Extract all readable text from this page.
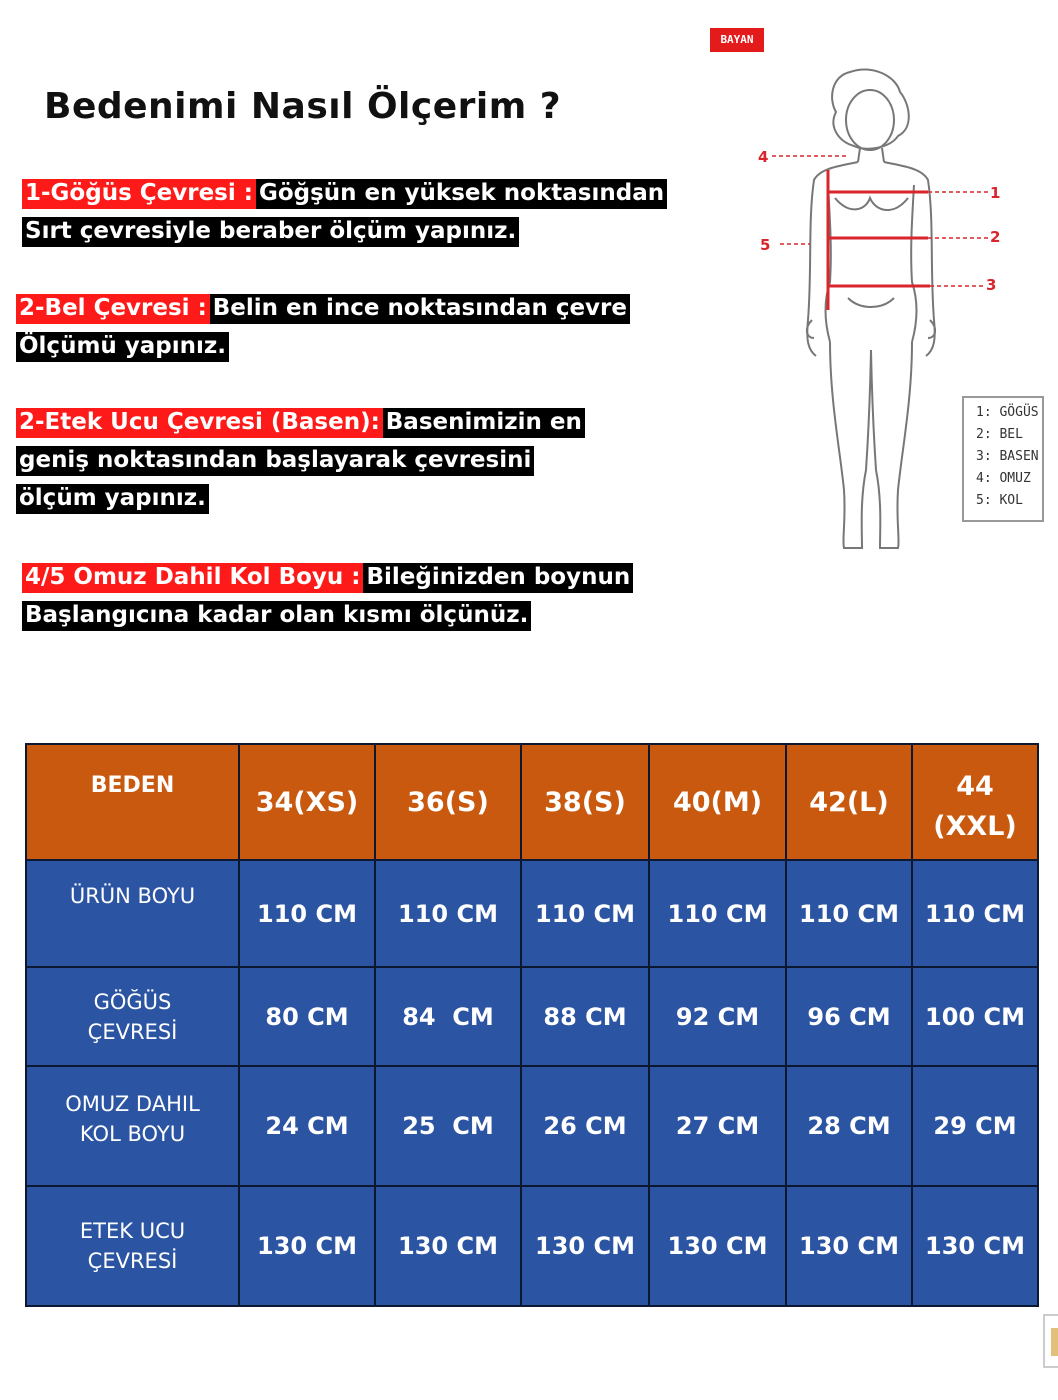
Bedenimi Nasıl Ölçerim ?
1-Göğüs Çevresi : Göğşün en yüksek noktasından
Sırt çevresiyle beraber ölçüm yapınız.
2-Bel Çevresi : Belin en ince noktasından çevre
Ölçümü yapınız.
2-Etek Ucu Çevresi (Basen): Basenimizin en
geniş noktasından başlayarak çevresini
ölçüm yapınız.
4/5 Omuz Dahil Kol Boyu : Bileğinizden boynun
Başlangıcına kadar olan kısmı ölçünüz.
BAYAN
1
2
3
4
5
1: GÖGÜS
2: BEL
3: BASEN
4: OMUZ
5: KOL
BEDEN	34(XS)	36(S)	38(S)	40(M)	42(L)	44 (XXL)
ÜRÜN BOYU	110 CM	110 CM	110 CM	110 CM	110 CM	110 CM
GÖĞÜS ÇEVRESİ	80 CM	84  CM	88 CM	92 CM	96 CM	100 CM
OMUZ DAHIL KOL BOYU	24 CM	25  CM	26 CM	27 CM	28 CM	29 CM
ETEK UCU ÇEVRESİ	130 CM	130 CM	130 CM	130 CM	130 CM	130 CM
